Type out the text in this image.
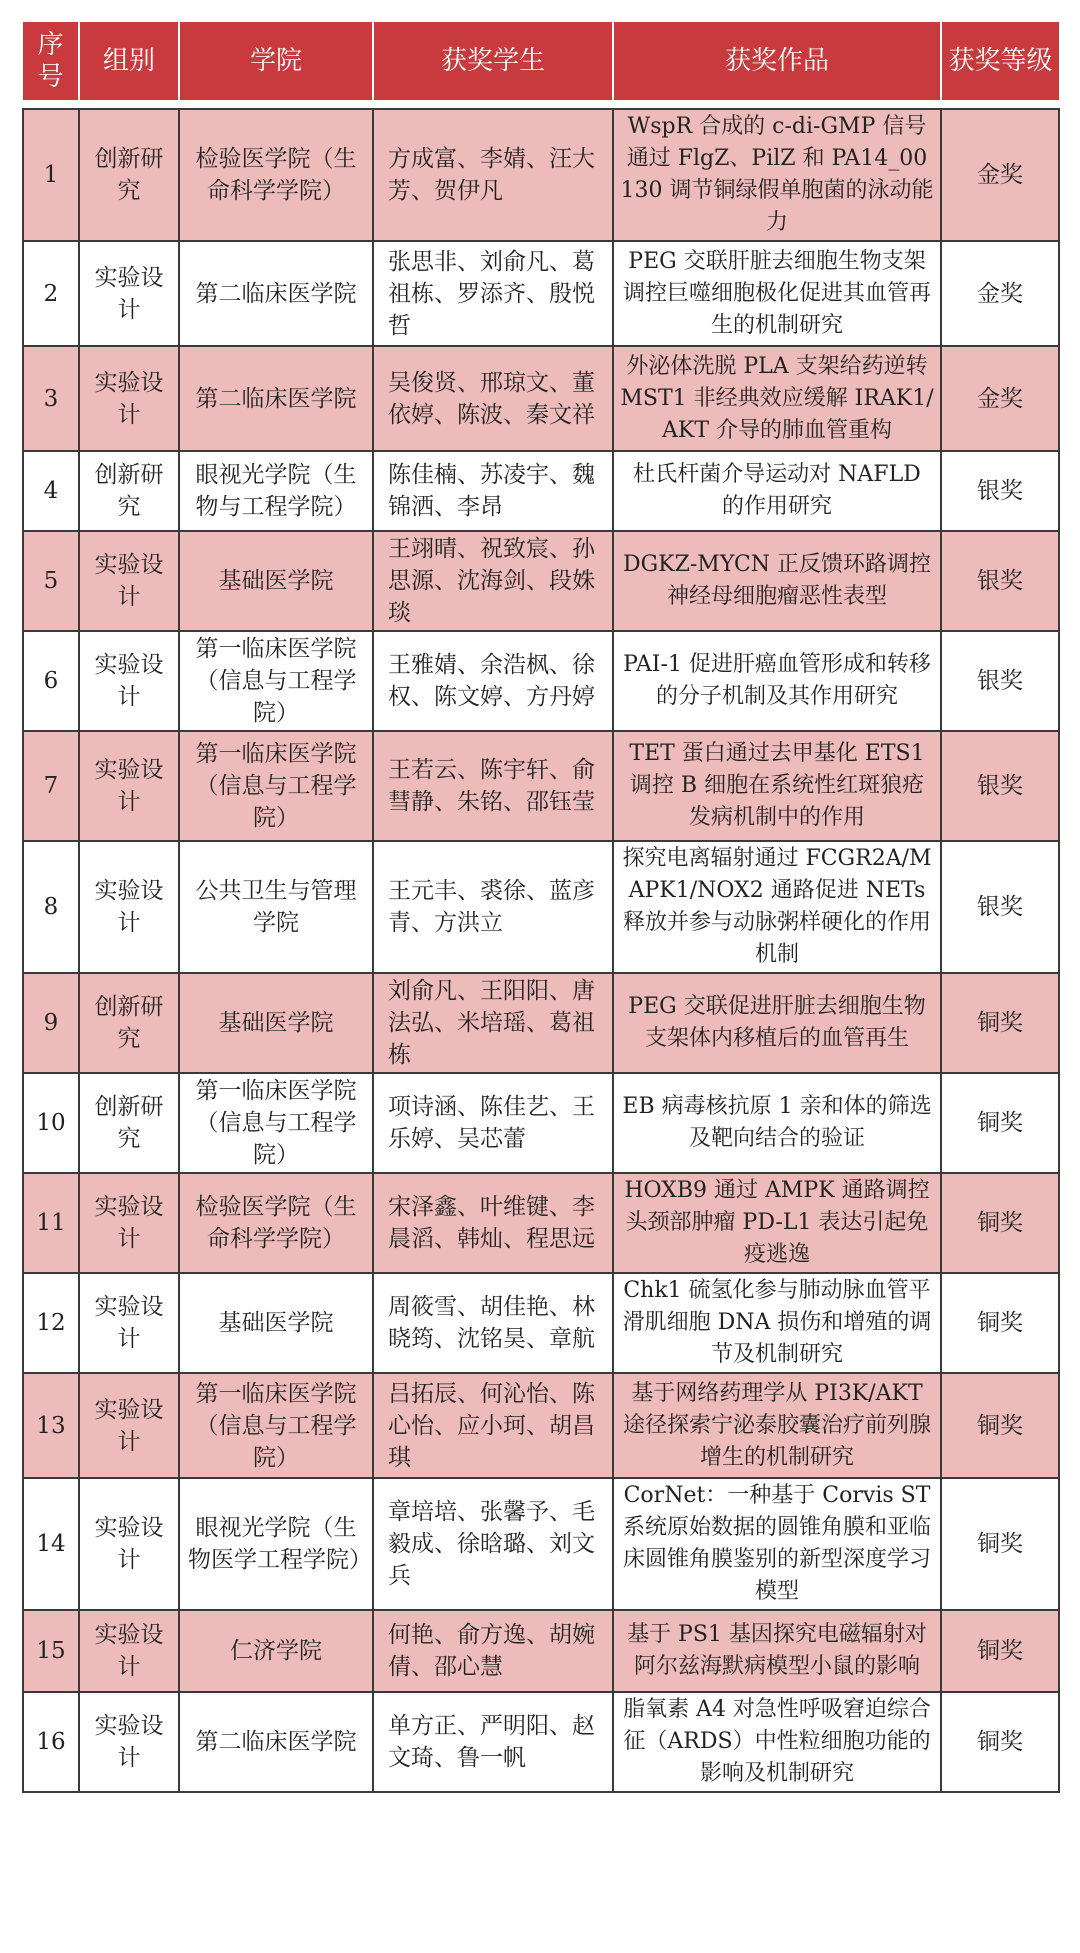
序号	组别	学院	获奖学生	获奖作品	获奖等级

1	创新研究	检验医学院（生命科学学院）	方成富、李婧、汪大芳、贺伊凡	WspR 合成的 c-di-GMP 信号通过 FlgZ、PilZ 和 PA14_00130 调节铜绿假单胞菌的泳动能力	金奖
2	实验设计	第二临床医学院	张思非、刘俞凡、葛祖栋、罗添齐、殷悦哲	PEG 交联肝脏去细胞生物支架调控巨噬细胞极化促进其血管再生的机制研究	金奖
3	实验设计	第二临床医学院	吴俊贤、邢琼文、董依婷、陈波、秦文祥	外泌体洗脱 PLA 支架给药逆转 MST1 非经典效应缓解 IRAK1/AKT 介导的肺血管重构	金奖
4	创新研究	眼视光学院（生物与工程学院）	陈佳楠、苏凌宇、魏锦洒、李昂	杜氏杆菌介导运动对 NAFLD 的作用研究	银奖
5	实验设计	基础医学院	王翊晴、祝致宸、孙思源、沈海剑、段姝琰	DGKZ-MYCN 正反馈环路调控神经母细胞瘤恶性表型	银奖
6	实验设计	第一临床医学院（信息与工程学院）	王雅婧、余浩枫、徐权、陈文婷、方丹婷	PAI-1 促进肝癌血管形成和转移的分子机制及其作用研究	银奖
7	实验设计	第一临床医学院（信息与工程学院）	王若云、陈宇轩、俞彗静、朱铭、邵钰莹	TET 蛋白通过去甲基化 ETS1 调控 B 细胞在系统性红斑狼疮发病机制中的作用	银奖
8	实验设计	公共卫生与管理学院	王元丰、裘徐、蓝彦青、方洪立	探究电离辐射通过 FCGR2A/MAPK1/NOX2 通路促进 NETs 释放并参与动脉粥样硬化的作用机制	银奖
9	创新研究	基础医学院	刘俞凡、王阳阳、唐法弘、米培瑶、葛祖栋	PEG 交联促进肝脏去细胞生物支架体内移植后的血管再生	铜奖
10	创新研究	第一临床医学院（信息与工程学院）	项诗涵、陈佳艺、王乐婷、吴芯蕾	EB 病毒核抗原 1 亲和体的筛选及靶向结合的验证	铜奖
11	实验设计	检验医学院（生命科学学院）	宋泽鑫、叶维键、李晨滔、韩灿、程思远	HOXB9 通过 AMPK 通路调控头颈部肿瘤 PD-L1 表达引起免疫逃逸	铜奖
12	实验设计	基础医学院	周筱雪、胡佳艳、林晓筠、沈铭昊、章航	Chk1 硫氢化参与肺动脉血管平滑肌细胞 DNA 损伤和增殖的调节及机制研究	铜奖
13	实验设计	第一临床医学院（信息与工程学院）	吕拓辰、何沁怡、陈心怡、应小珂、胡昌琪	基于网络药理学从 PI3K/AKT 途径探索宁泌泰胶囊治疗前列腺增生的机制研究	铜奖
14	实验设计	眼视光学院（生物医学工程学院）	章培培、张馨予、毛毅成、徐晗璐、刘文兵	CorNet：一种基于 Corvis ST 系统原始数据的圆锥角膜和亚临床圆锥角膜鉴别的新型深度学习模型	铜奖
15	实验设计	仁济学院	何艳、俞方逸、胡婉倩、邵心慧	基于 PS1 基因探究电磁辐射对阿尔兹海默病模型小鼠的影响	铜奖
16	实验设计	第二临床医学院	单方正、严明阳、赵文琦、鲁一帆	脂氧素 A4 对急性呼吸窘迫综合征（ARDS）中性粒细胞功能的影响及机制研究	铜奖
